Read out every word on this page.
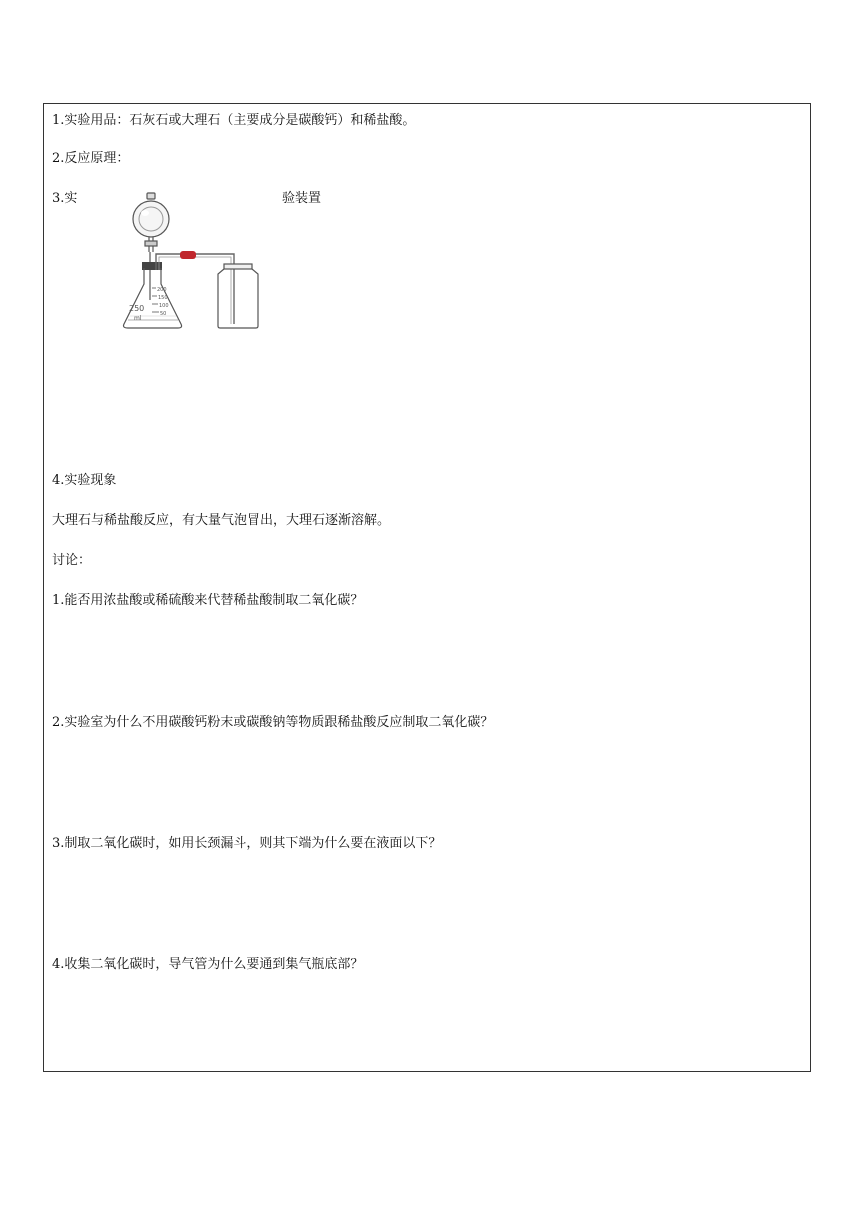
1.实验用品：石灰石或大理石（主要成分是碳酸钙）和稀盐酸。
2.反应原理：
3.实	验装置
200
150
100
50
250
ml
4.实验现象
大理石与稀盐酸反应，有大量气泡冒出，大理石逐渐溶解。
讨论：
1.能否用浓盐酸或稀硫酸来代替稀盐酸制取二氧化碳？
2.实验室为什么不用碳酸钙粉末或碳酸钠等物质跟稀盐酸反应制取二氧化碳？
3.制取二氧化碳时，如用长颈漏斗，则其下端为什么要在液面以下？
4.收集二氧化碳时，导气管为什么要通到集气瓶底部？
